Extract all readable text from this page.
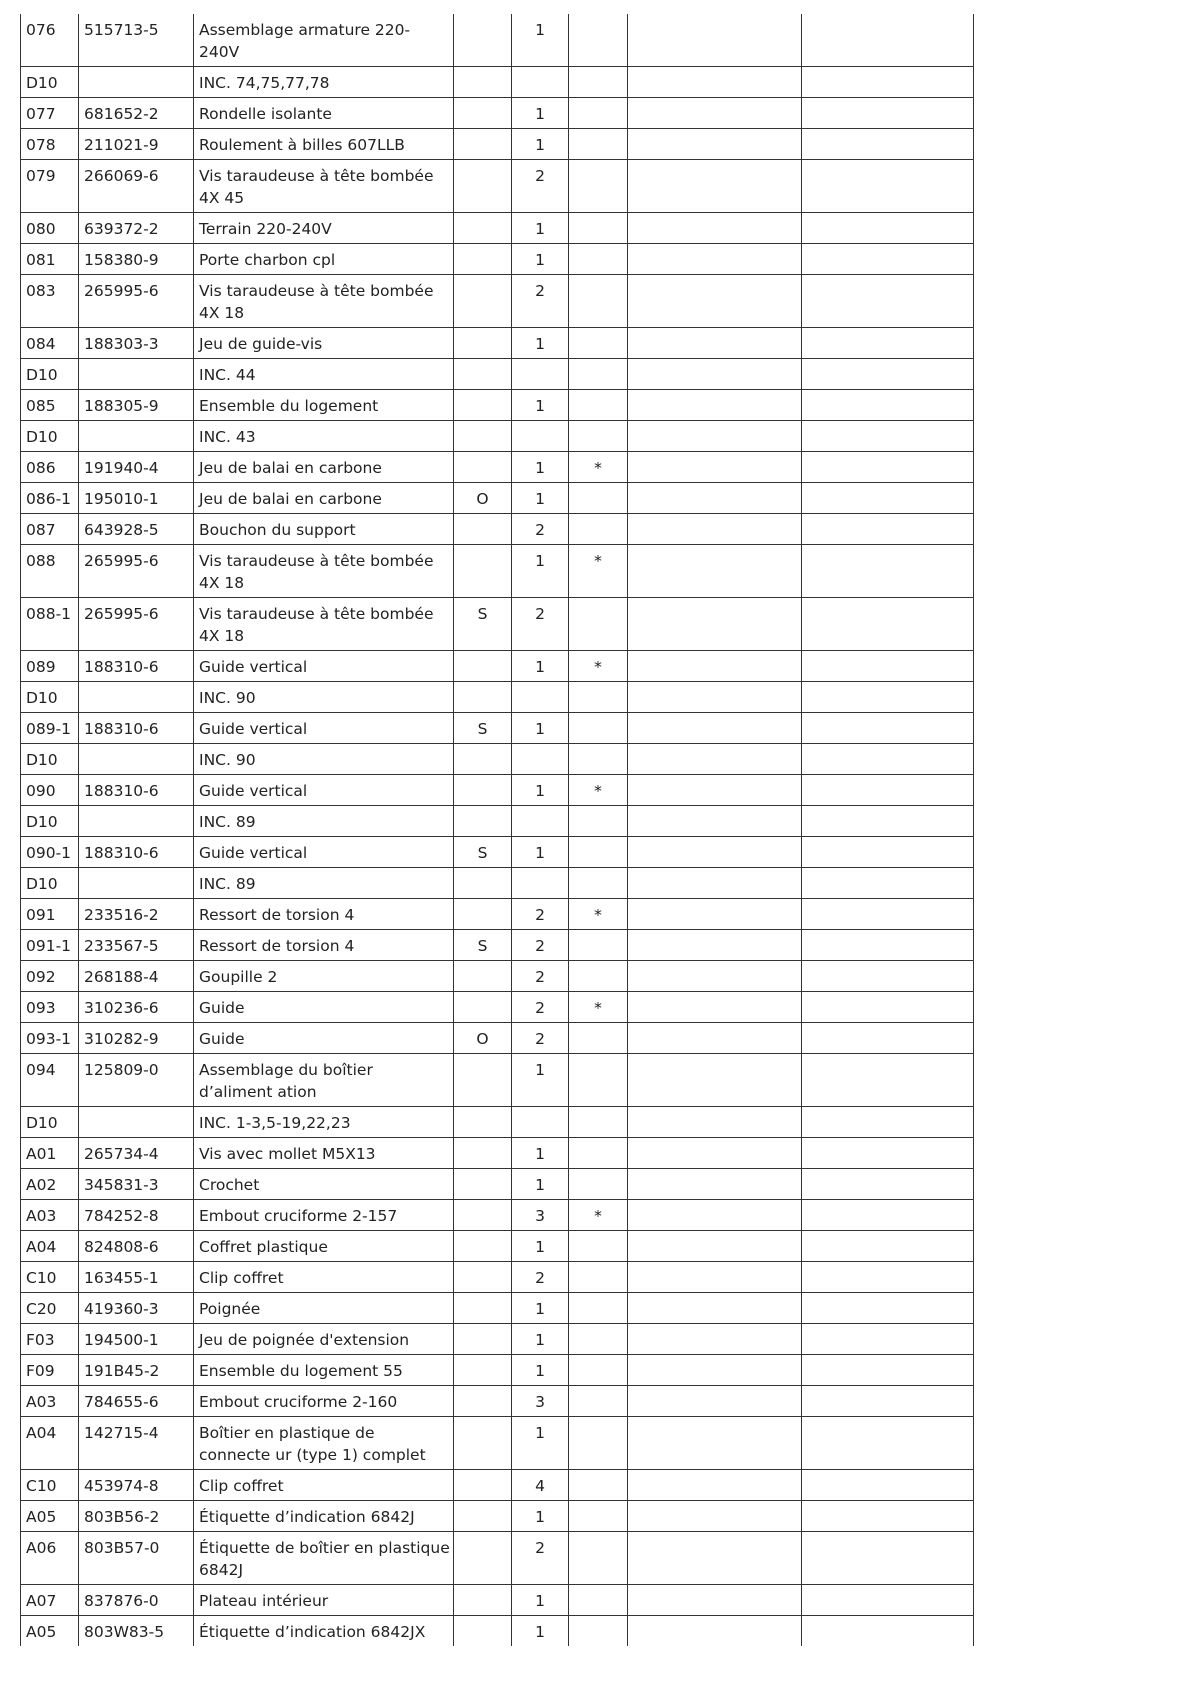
076	515713-5	Assemblage armature 220-240V		1			
D10		INC. 74,75,77,78					
077	681652-2	Rondelle isolante		1			
078	211021-9	Roulement à billes 607LLB		1			
079	266069-6	Vis taraudeuse à tête bombée 4X 45		2			
080	639372-2	Terrain 220-240V		1			
081	158380-9	Porte charbon cpl		1			
083	265995-6	Vis taraudeuse à tête bombée 4X 18		2			
084	188303-3	Jeu de guide-vis		1			
D10		INC. 44					
085	188305-9	Ensemble du logement		1			
D10		INC. 43					
086	191940-4	Jeu de balai en carbone		1	*		
086-1	195010-1	Jeu de balai en carbone	O	1			
087	643928-5	Bouchon du support		2			
088	265995-6	Vis taraudeuse à tête bombée 4X 18		1	*		
088-1	265995-6	Vis taraudeuse à tête bombée 4X 18	S	2			
089	188310-6	Guide vertical		1	*		
D10		INC. 90					
089-1	188310-6	Guide vertical	S	1			
D10		INC. 90					
090	188310-6	Guide vertical		1	*		
D10		INC. 89					
090-1	188310-6	Guide vertical	S	1			
D10		INC. 89					
091	233516-2	Ressort de torsion 4		2	*		
091-1	233567-5	Ressort de torsion 4	S	2			
092	268188-4	Goupille 2		2			
093	310236-6	Guide		2	*		
093-1	310282-9	Guide	O	2			
094	125809-0	Assemblage du boîtier d’aliment ation		1			
D10		INC. 1-3,5-19,22,23					
A01	265734-4	Vis avec mollet M5X13		1			
A02	345831-3	Crochet		1			
A03	784252-8	Embout cruciforme 2-157		3	*		
A04	824808-6	Coffret plastique		1			
C10	163455-1	Clip coffret		2			
C20	419360-3	Poignée		1			
F03	194500-1	Jeu de poignée d'extension		1			
F09	191B45-2	Ensemble du logement 55		1			
A03	784655-6	Embout cruciforme 2-160		3			
A04	142715-4	Boîtier en plastique de connecte ur (type 1) complet		1			
C10	453974-8	Clip coffret		4			
A05	803B56-2	Étiquette d’indication 6842J		1			
A06	803B57-0	Étiquette de boîtier en plastique 6842J		2			
A07	837876-0	Plateau intérieur		1			
A05	803W83-5	Étiquette d’indication 6842JX		1			
